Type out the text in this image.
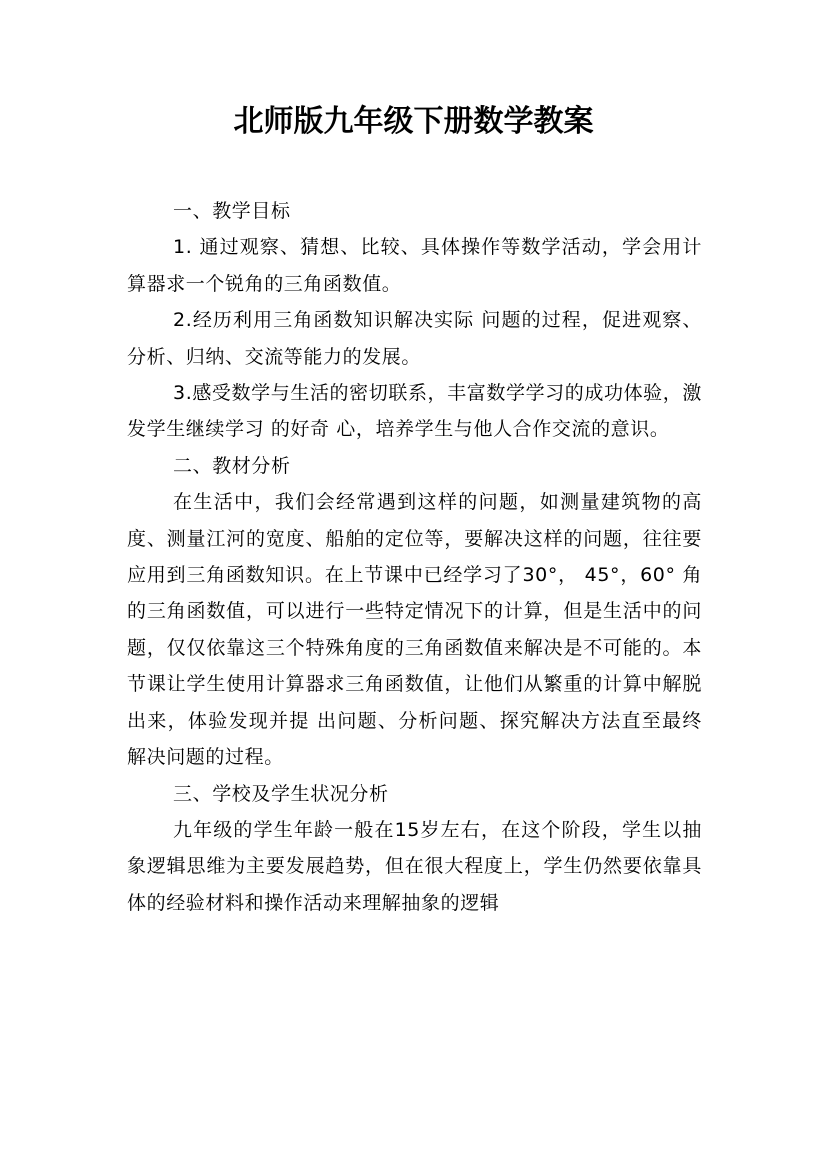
北师版九年级下册数学教案

一、教学目标

1. 通过观察、猜想、比较、具体操作等数学活动，学会用计算器求一个锐角的三角函数值。

2.经历利用三角函数知识解决实际 问题的过程，促进观察、分析、归纳、交流等能力的发展。

3.感受数学与生活的密切联系，丰富数学学习的成功体验，激发学生继续学习 的好奇 心，培养学生与他人合作交流的意识。

二、教材分析

在生活中，我们会经常遇到这样的问题，如测量建筑物的高度、测量江河的宽度、船舶的定位等，要解决这样的问题，往往要应用到三角函数知识。在上节课中已经学习了30°， 45°，60° 角的三角函数值，可以进行一些特定情况下的计算，但是生活中的问题，仅仅依靠这三个特殊角度的三角函数值来解决是不可能的。本节课让学生使用计算器求三角函数值，让他们从繁重的计算中解脱出来，体验发现并提 出问题、分析问题、探究解决方法直至最终解决问题的过程。

三、学校及学生状况分析

九年级的学生年龄一般在15岁左右，在这个阶段，学生以抽象逻辑思维为主要发展趋势，但在很大程度上，学生仍然要依靠具体的经验材料和操作活动来理解抽象的逻辑
